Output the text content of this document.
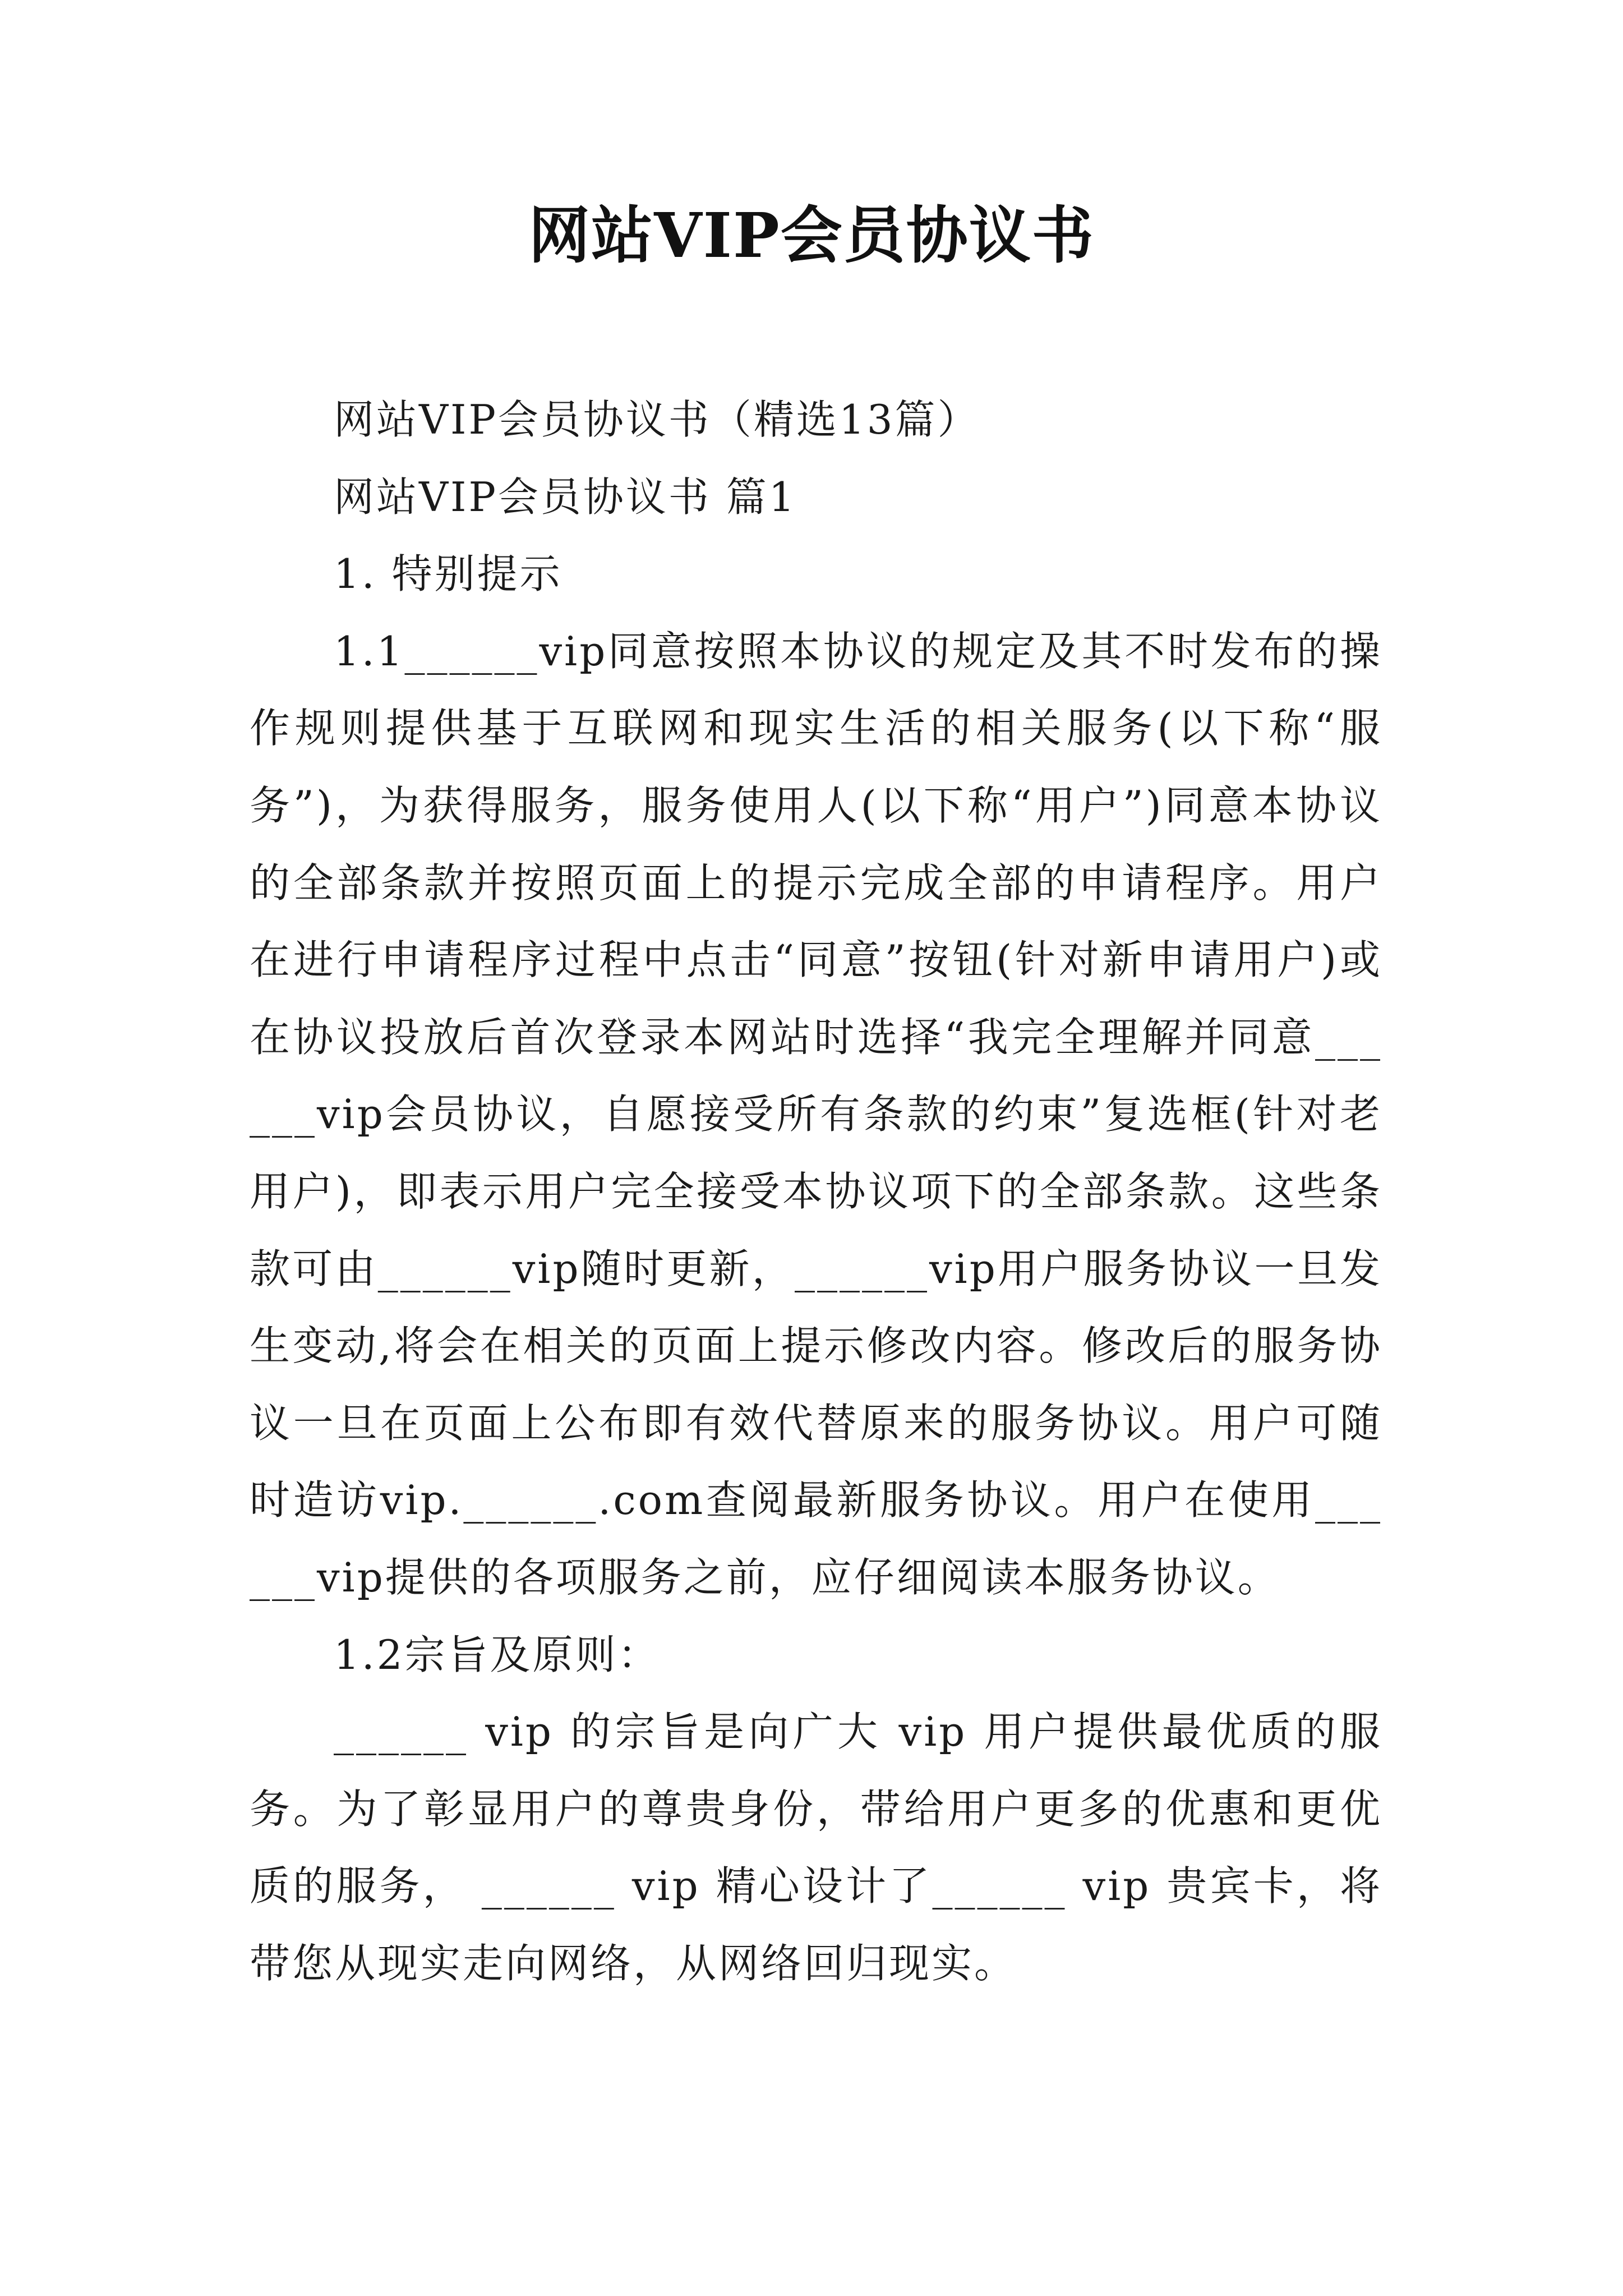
网站VIP会员协议书

网站VIP会员协议书（精选13篇）

网站VIP会员协议书 篇1

1. 特别提示

1.1______vip同意按照本协议的规定及其不时发布的操作规则提供基于互联网和现实生活的相关服务(以下称“服务”)，为获得服务，服务使用人(以下称“用户”)同意本协议的全部条款并按照页面上的提示完成全部的申请程序。用户在进行申请程序过程中点击“同意”按钮(针对新申请用户)或在协议投放后首次登录本网站时选择“我完全理解并同意______vip会员协议，自愿接受所有条款的约束”复选框(针对老用户)，即表示用户完全接受本协议项下的全部条款。这些条款可由______vip随时更新，______vip用户服务协议一旦发生变动,将会在相关的页面上提示修改内容。修改后的服务协议一旦在页面上公布即有效代替原来的服务协议。用户可随时造访vip.______.com查阅最新服务协议。用户在使用______vip提供的各项服务之前，应仔细阅读本服务协议。

1.2宗旨及原则：

______ vip 的宗旨是向广大 vip 用户提供最优质的服务。为了彰显用户的尊贵身份，带给用户更多的优惠和更优质的服务， ______ vip 精心设计了______ vip 贵宾卡，将带您从现实走向网络，从网络回归现实。
